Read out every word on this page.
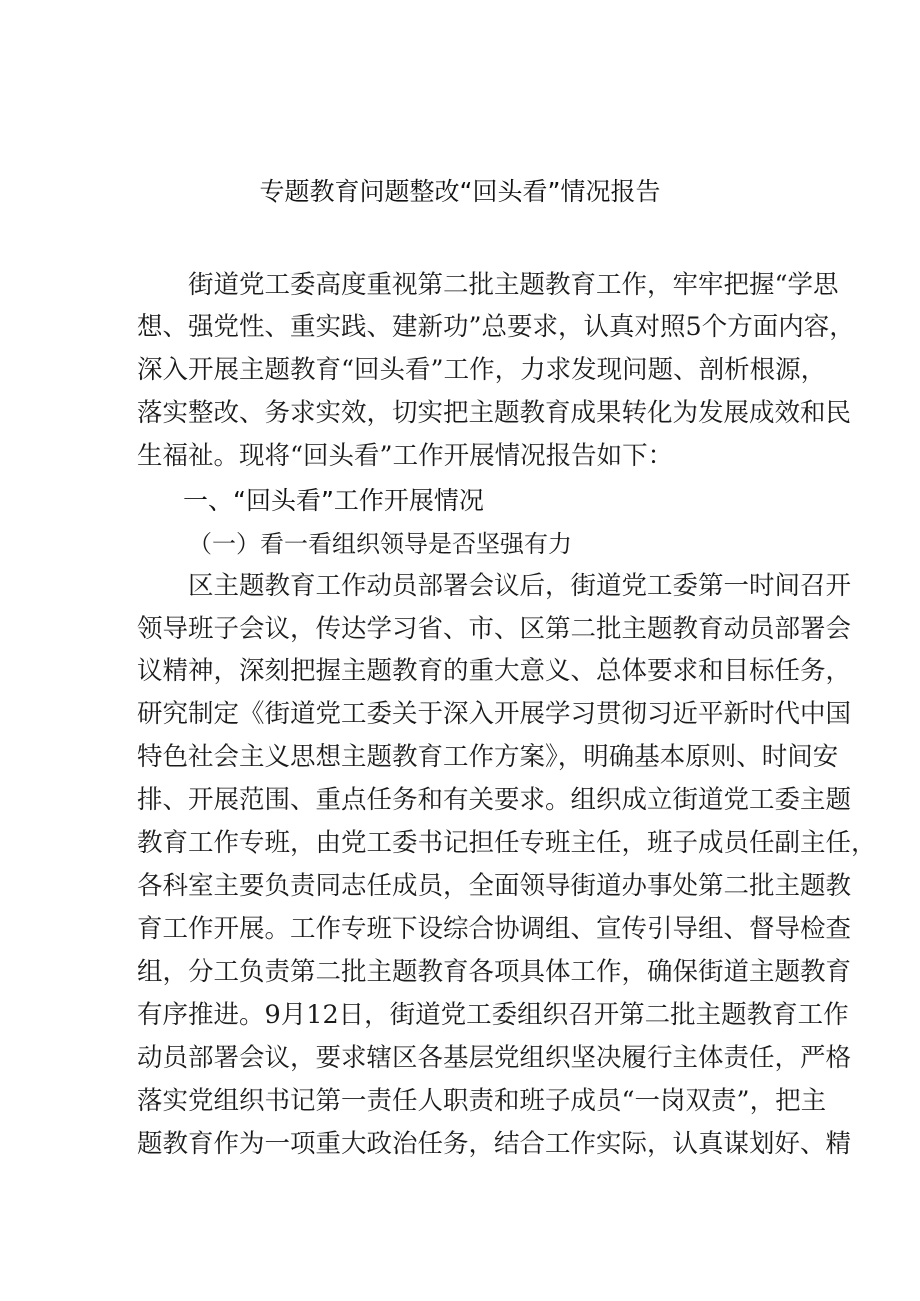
专题教育问题整改“回头看”情况报告
街道党工委高度重视第二批主题教育工作，牢牢把握“学思
想、强党性、重实践、建新功”总要求，认真对照5个方面内容，
深入开展主题教育“回头看”工作，力求发现问题、剖析根源，
落实整改、务求实效，切实把主题教育成果转化为发展成效和民
生福祉。现将“回头看”工作开展情况报告如下：
一、“回头看”工作开展情况
（一）看一看组织领导是否坚强有力
区主题教育工作动员部署会议后，街道党工委第一时间召开
领导班子会议，传达学习省、市、区第二批主题教育动员部署会
议精神，深刻把握主题教育的重大意义、总体要求和目标任务，
研究制定《街道党工委关于深入开展学习贯彻习近平新时代中国
特色社会主义思想主题教育工作方案》，明确基本原则、时间安
排、开展范围、重点任务和有关要求。组织成立街道党工委主题
教育工作专班，由党工委书记担任专班主任，班子成员任副主任，
各科室主要负责同志任成员，全面领导街道办事处第二批主题教
育工作开展。工作专班下设综合协调组、宣传引导组、督导检查
组，分工负责第二批主题教育各项具体工作，确保街道主题教育
有序推进。9月12日，街道党工委组织召开第二批主题教育工作
动员部署会议，要求辖区各基层党组织坚决履行主体责任，严格
落实党组织书记第一责任人职责和班子成员“一岗双责”，把主
题教育作为一项重大政治任务，结合工作实际，认真谋划好、精
